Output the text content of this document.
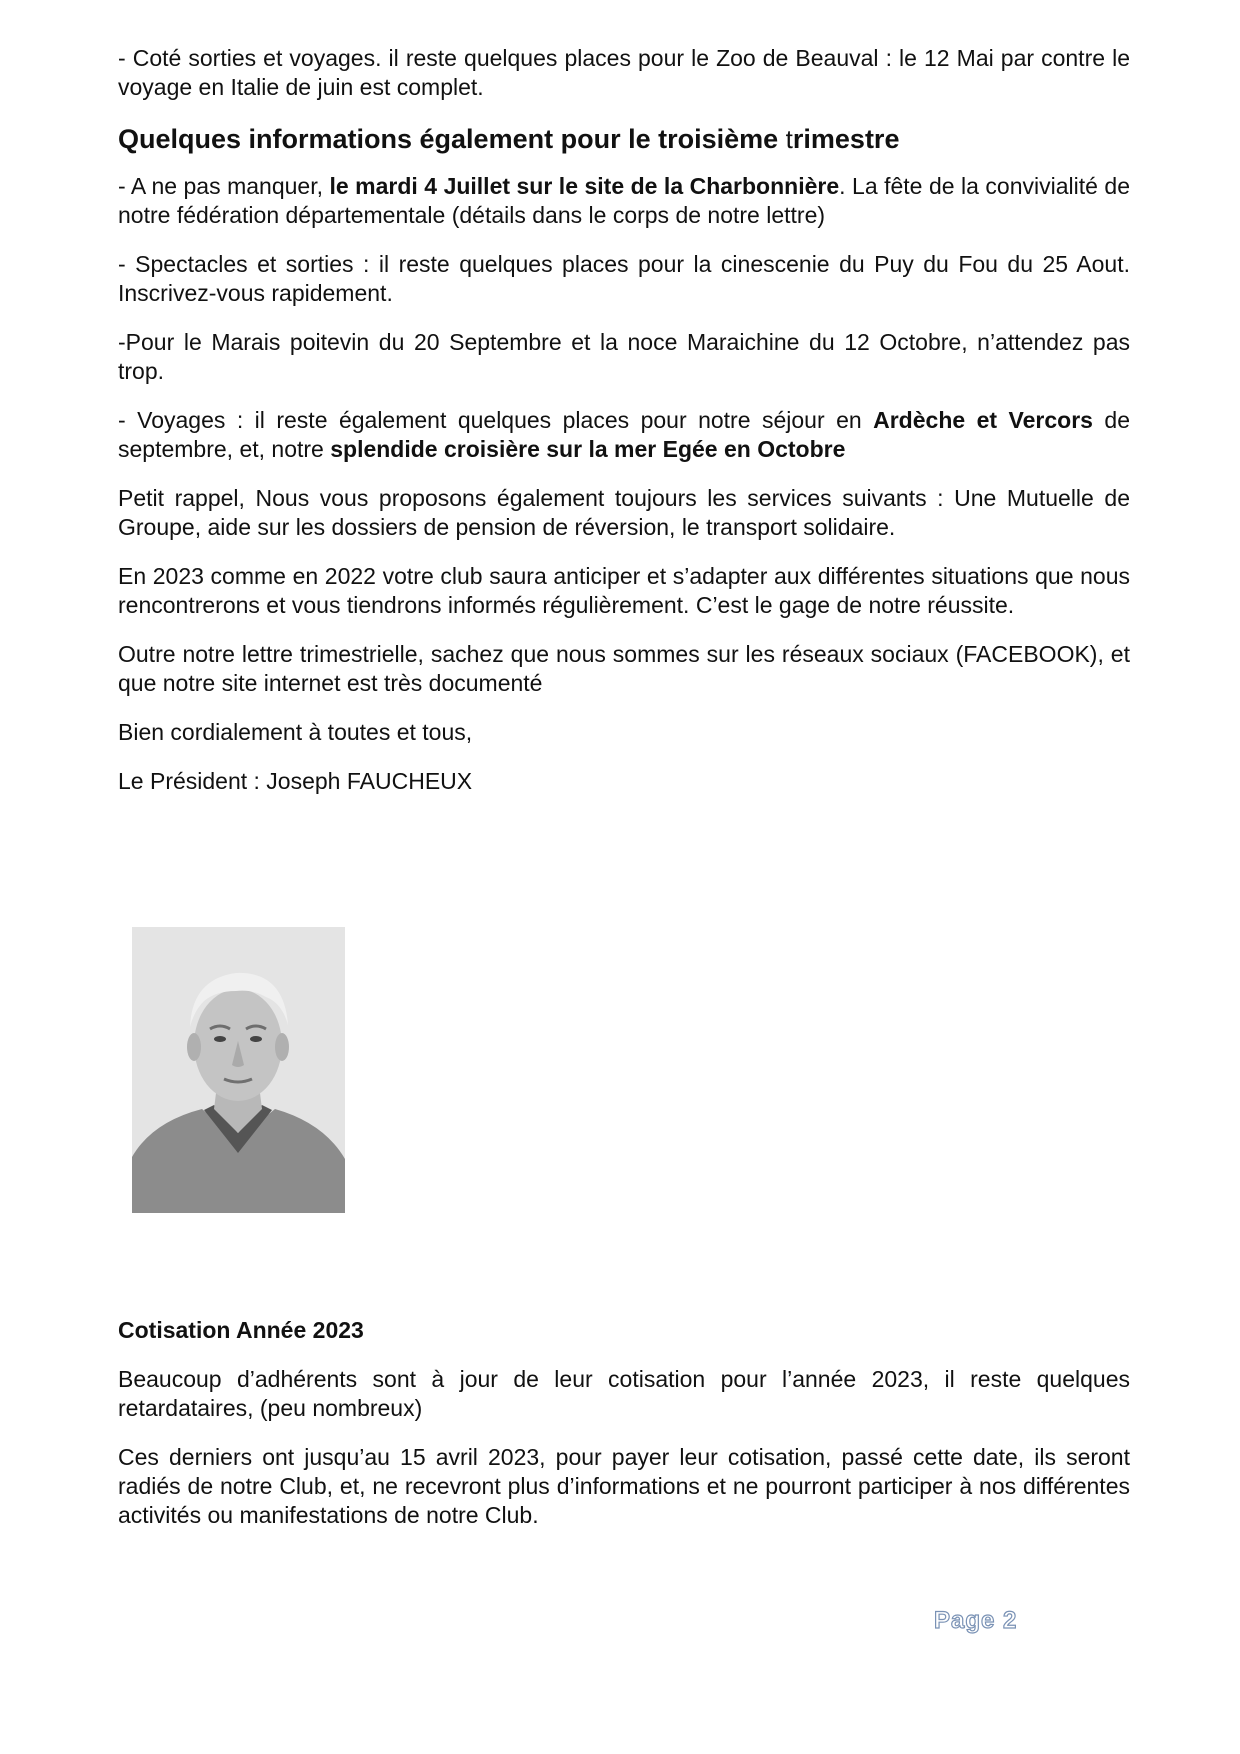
- Coté sorties et voyages. il reste quelques places pour le Zoo de Beauval : le 12 Mai par contre le voyage en Italie de juin est complet.

Quelques informations également pour le troisième trimestre

- A ne pas manquer, le mardi 4 Juillet sur le site de la Charbonnière. La fête de la convivialité de notre fédération départementale (détails dans le corps de notre lettre)

- Spectacles et sorties : il reste quelques places pour la cinescenie du Puy du Fou du 25 Aout. Inscrivez-vous rapidement.

-Pour le Marais poitevin du 20 Septembre et la noce Maraichine du 12 Octobre, n’attendez pas trop.

- Voyages : il reste également quelques places pour notre séjour en Ardèche et Vercors de septembre, et, notre splendide croisière sur la mer Egée en Octobre

Petit rappel, Nous vous proposons également toujours les services suivants : Une Mutuelle de Groupe, aide sur les dossiers de pension de réversion, le transport solidaire.

En 2023 comme en 2022 votre club saura anticiper et s’adapter aux différentes situations que nous rencontrerons et vous tiendrons informés régulièrement. C’est le gage de notre réussite.

Outre notre lettre trimestrielle, sachez que nous sommes sur les réseaux sociaux (FACEBOOK), et que notre site internet est très documenté

Bien cordialement à toutes et tous,

Le Président : Joseph FAUCHEUX

Cotisation Année 2023

Beaucoup d’adhérents sont à jour de leur cotisation pour l’année 2023, il reste quelques retardataires, (peu nombreux)

Ces derniers ont jusqu’au 15 avril 2023, pour payer leur cotisation, passé cette date, ils seront radiés de notre Club, et, ne recevront plus d’informations et ne pourront participer à nos différentes activités ou manifestations de notre Club.

Page 2
